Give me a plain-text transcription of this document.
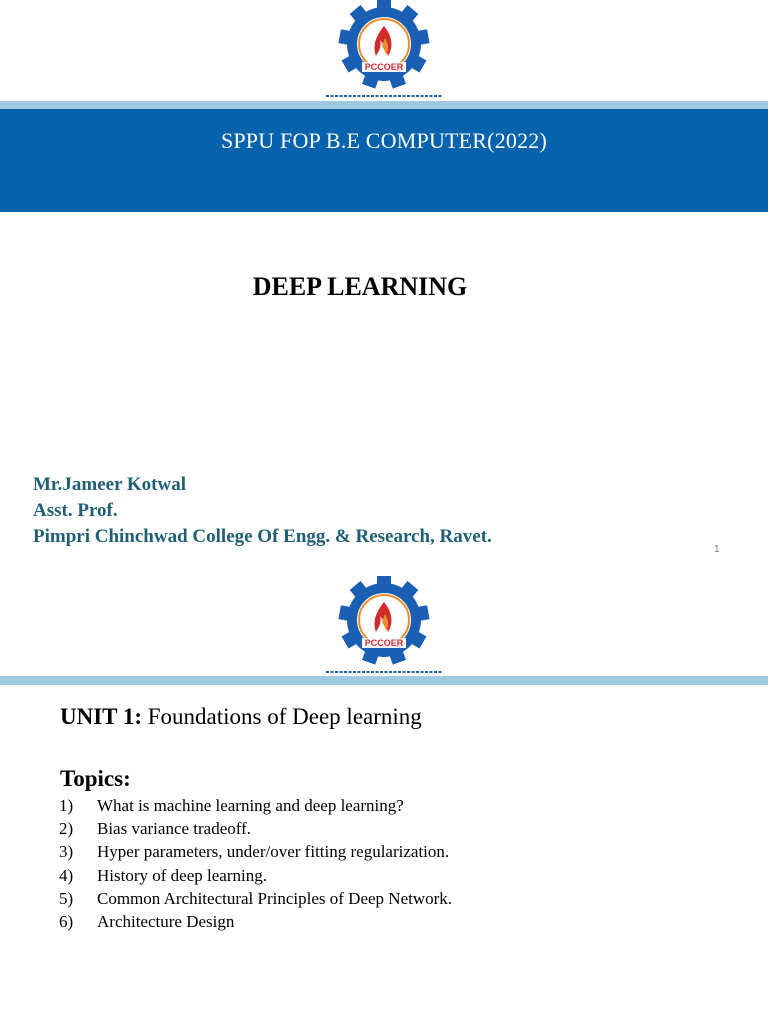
PCCOER
SPPU FOP B.E COMPUTER(2022)
DEEP LEARNING
Mr.Jameer Kotwal
Asst. Prof.
Pimpri Chinchwad College Of Engg. & Research, Ravet.
1
PCCOER
UNIT 1: Foundations of Deep learning
Topics:
1) What is machine learning and deep learning?
2) Bias variance tradeoff.
3) Hyper parameters, under/over fitting regularization.
4) History of deep learning.
5) Common Architectural Principles of Deep Network.
6) Architecture Design
